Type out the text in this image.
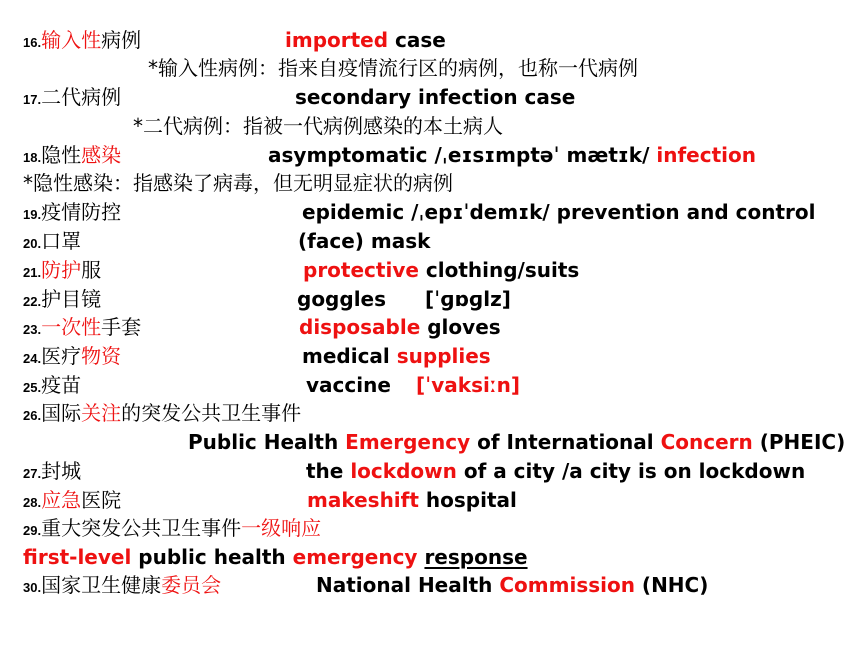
16.输入性病例	imported case
*输入性病例：指来自疫情流行区的病例，也称一代病例
17.二代病例	secondary infection case
*二代病例：指被一代病例感染的本土病人
18.隐性感染	asymptomatic /ˌeɪsɪmptəˈ mætɪk/ infection
*隐性感染：指感染了病毒，但无明显症状的病例
19.疫情防控	epidemic /ˌepɪˈdemɪk/ prevention and control
20.口罩	(face) mask
21.防护服	protective clothing/suits
22.护目镜	goggles [ˈɡɒɡlz]
23.一次性手套	disposable gloves
24.医疗物资	medical supplies
25.疫苗	vaccine [ˈvaksiːn]
26.国际关注的突发公共卫生事件
Public Health Emergency of International Concern (PHEIC)
27.封城	the lockdown of a city /a city is on lockdown
28.应急医院	makeshift hospital
29.重大突发公共卫生事件一级响应
first-level public health emergency response
30.国家卫生健康委员会	National Health Commission (NHC)
